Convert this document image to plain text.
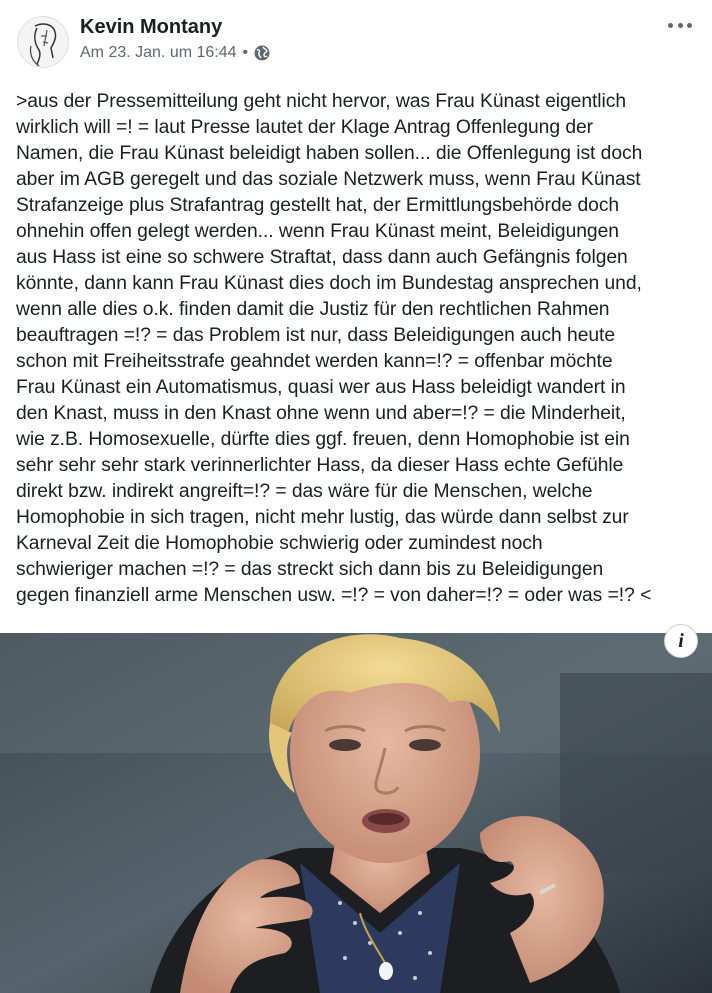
Kevin Montany
Am 23. Jan. um 16:44 •
>aus der Pressemitteilung geht nicht hervor, was Frau Künast eigentlich
wirklich will =! = laut Presse lautet der Klage Antrag Offenlegung der
Namen, die Frau Künast beleidigt haben sollen... die Offenlegung ist doch
aber im AGB geregelt und das soziale Netzwerk muss, wenn Frau Künast
Strafanzeige plus Strafantrag gestellt hat, der Ermittlungsbehörde doch
ohnehin offen gelegt werden... wenn Frau Künast meint, Beleidigungen
aus Hass ist eine so schwere Straftat, dass dann auch Gefängnis folgen
könnte, dann kann Frau Künast dies doch im Bundestag ansprechen und,
wenn alle dies o.k. finden damit die Justiz für den rechtlichen Rahmen
beauftragen =!? = das Problem ist nur, dass Beleidigungen auch heute
schon mit Freiheitsstrafe geahndet werden kann=!? = offenbar möchte
Frau Künast ein Automatismus, quasi wer aus Hass beleidigt wandert in
den Knast, muss in den Knast ohne wenn und aber=!? = die Minderheit,
wie z.B. Homosexuelle, dürfte dies ggf. freuen, denn Homophobie ist ein
sehr sehr sehr stark verinnerlichter Hass, da dieser Hass echte Gefühle
direkt bzw. indirekt angreift=!? = das wäre für die Menschen, welche
Homophobie in sich tragen, nicht mehr lustig, das würde dann selbst zur
Karneval Zeit die Homophobie schwierig oder zumindest noch
schwieriger machen =!? = das streckt sich dann bis zu Beleidigungen
gegen finanziell arme Menschen usw. =!? = von daher=!? = oder was =!? <
i
